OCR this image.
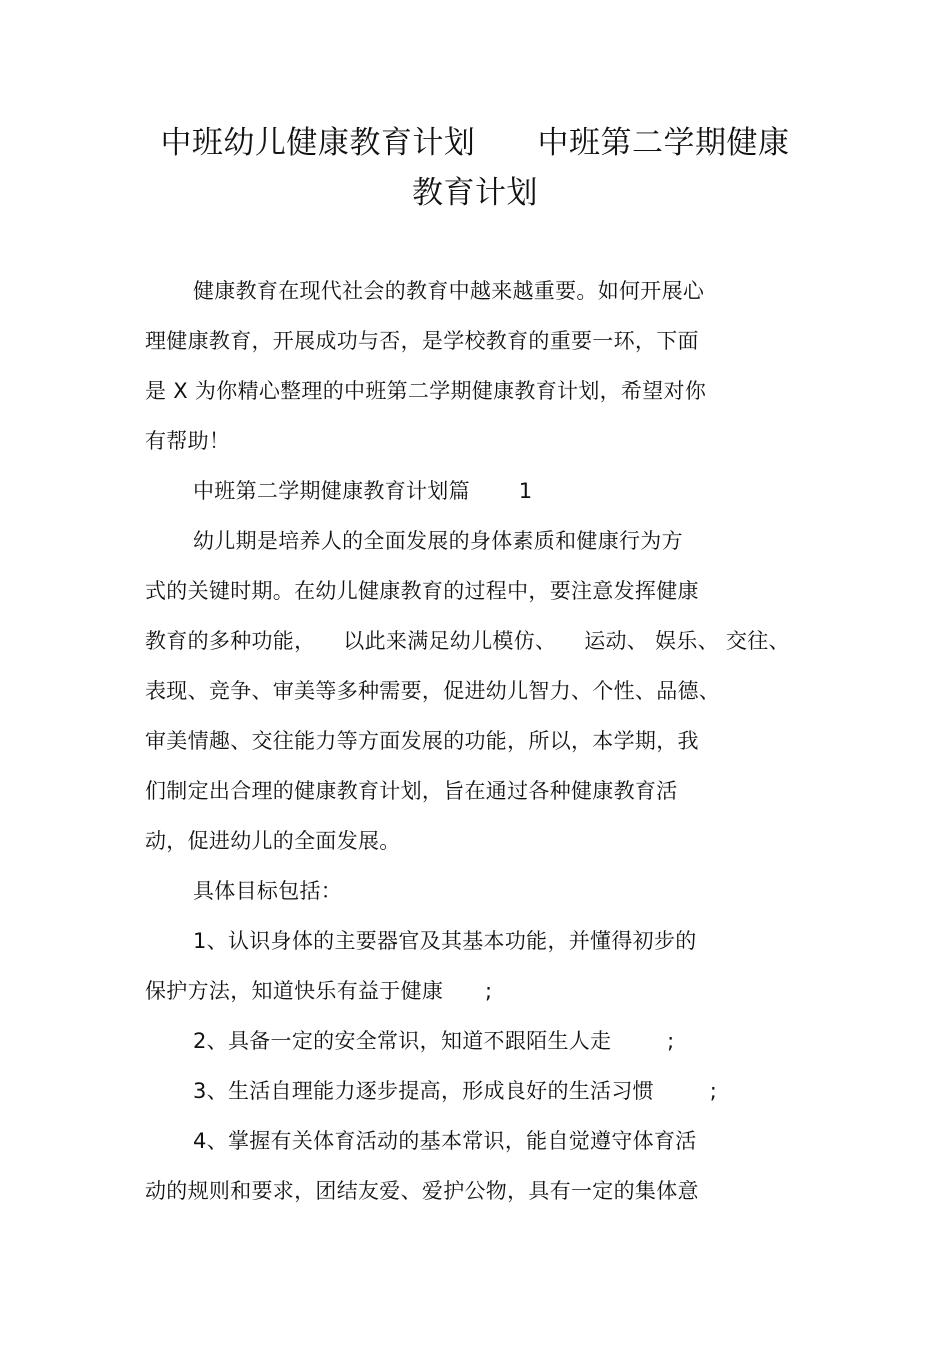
中班幼儿健康教育计划      中班第二学期健康
教育计划
健康教育在现代社会的教育中越来越重要。如何开展心
理健康教育，开展成功与否，是学校教育的重要一环，下面
是 X 为你精心整理的中班第二学期健康教育计划，希望对你
有帮助！
中班第二学期健康教育计划篇       1
幼儿期是培养人的全面发展的身体素质和健康行为方
式的关键时期。在幼儿健康教育的过程中，要注意发挥健康
教育的多种功能，    以此来满足幼儿模仿、    运动、 娱乐、 交往、
表现、竞争、审美等多种需要，促进幼儿智力、个性、品德、
审美情趣、交往能力等方面发展的功能，所以，本学期，我
们制定出合理的健康教育计划，旨在通过各种健康教育活
动，促进幼儿的全面发展。
具体目标包括：
1、认识身体的主要器官及其基本功能，并懂得初步的
保护方法，知道快乐有益于健康      ;
2、具备一定的安全常识，知道不跟陌生人走        ;
3、生活自理能力逐步提高，形成良好的生活习惯        ;
4、掌握有关体育活动的基本常识，能自觉遵守体育活
动的规则和要求，团结友爱、爱护公物，具有一定的集体意
